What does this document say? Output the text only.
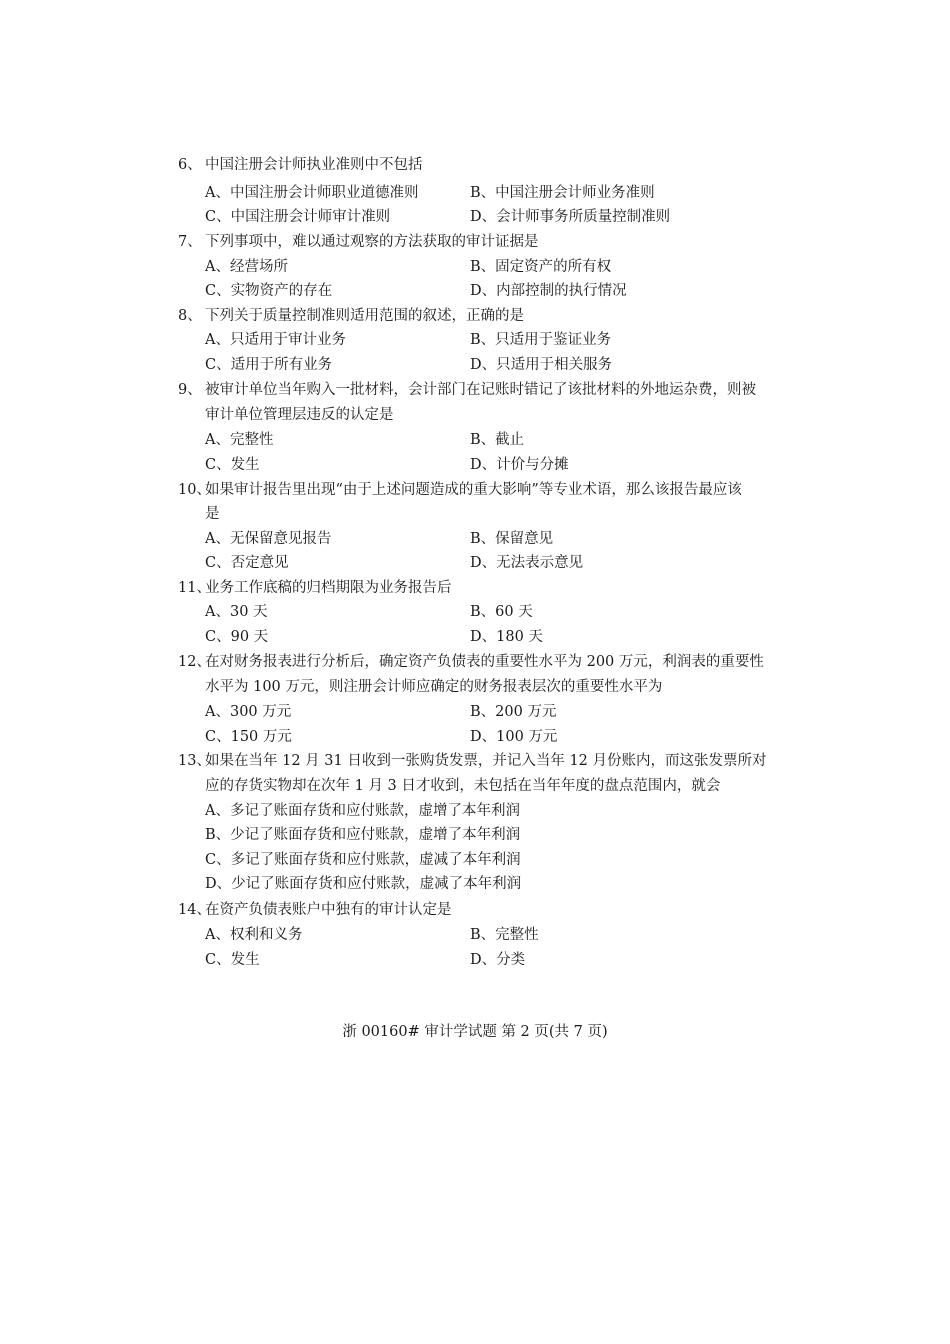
6、 中国注册会计师执业准则中不包括
A、中国注册会计师职业道德准则	B、中国注册会计师业务准则
C、中国注册会计师审计准则	D、会计师事务所质量控制准则
7、 下列事项中，难以通过观察的方法获取的审计证据是
A、经营场所	B、固定资产的所有权
C、实物资产的存在	D、内部控制的执行情况
8、 下列关于质量控制准则适用范围的叙述，正确的是
A、只适用于审计业务	B、只适用于鉴证业务
C、适用于所有业务	D、只适用于相关服务
9、 被审计单位当年购入一批材料，会计部门在记账时错记了该批材料的外地运杂费，则被
审计单位管理层违反的认定是
A、完整性	B、截止
C、发生	D、计价与分摊
10、
如果审计报告里出现“由于上述问题造成的重大影响”等专业术语，那么该报告最应该
是
A、无保留意见报告	B、保留意见
C、否定意见	D、无法表示意见
11、
业务工作底稿的归档期限为业务报告后
A、30 天	B、60 天
C、90 天	D、180 天
12、
在对财务报表进行分析后，确定资产负债表的重要性水平为 200 万元，利润表的重要性
水平为 100 万元，则注册会计师应确定的财务报表层次的重要性水平为
A、300 万元	B、200 万元
C、150 万元	D、100 万元
13、
如果在当年 12 月 31 日收到一张购货发票，并记入当年 12 月份账内，而这张发票所对
应的存货实物却在次年 1 月 3 日才收到，未包括在当年年度的盘点范围内，就会
A、多记了账面存货和应付账款，虚增了本年利润
B、少记了账面存货和应付账款，虚增了本年利润
C、多记了账面存货和应付账款，虚减了本年利润
D、少记了账面存货和应付账款，虚减了本年利润
14、
在资产负债表账户中独有的审计认定是
A、权利和义务	B、完整性
C、发生	D、分类
浙 00160# 审计学试题 第 2 页(共 7 页)
